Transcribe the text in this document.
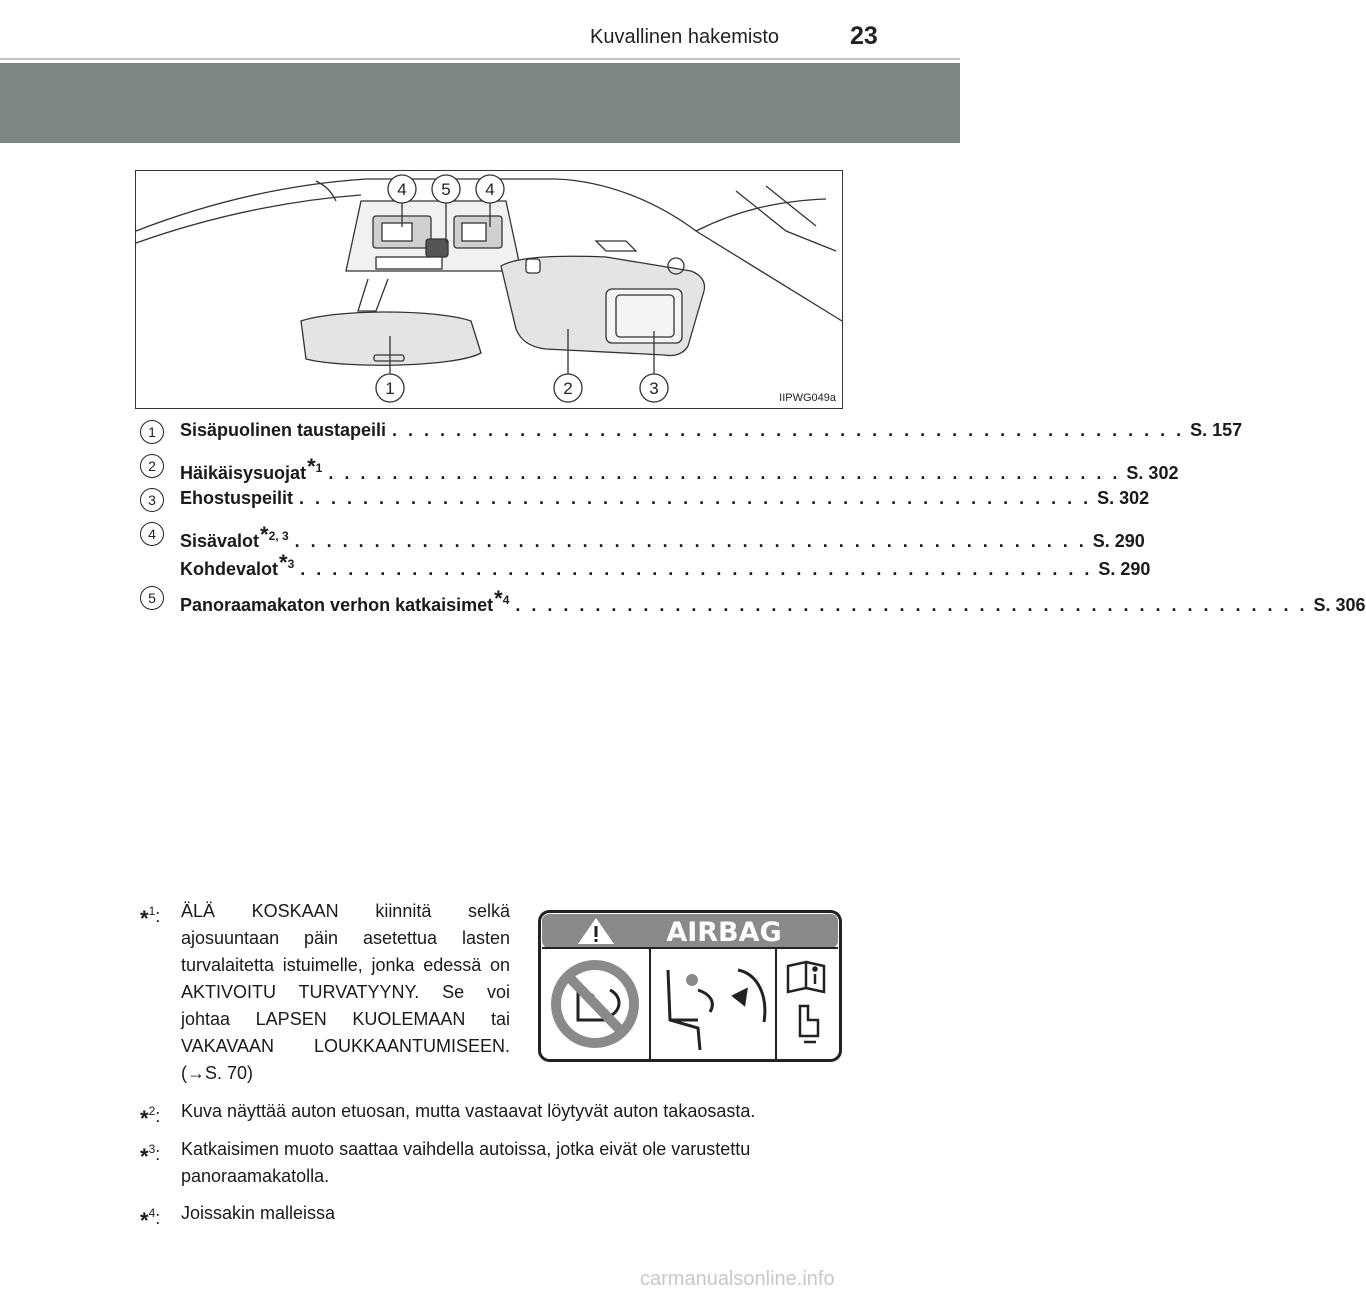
Kuvallinen hakemisto	23
4 5 4
1	2	3	IIPWG049a
1	Sisäpuolinen taustapeili . . . . . . . . . . . . . . . . . . . . . . . . . . . . . . . . . . . . . . . . . . . . . . . . . . S. 157
2	Häikäisysuojat$^{*1}$ . . . . . . . . . . . . . . . . . . . . . . . . . . . . . . . . . . . . . . . . . . . . . . . . . . S. 302
3	Ehostuspeilit . . . . . . . . . . . . . . . . . . . . . . . . . . . . . . . . . . . . . . . . . . . . . . . . . . S. 302
4	Sisävalot$^{*2, 3}$ . . . . . . . . . . . . . . . . . . . . . . . . . . . . . . . . . . . . . . . . . . . . . . . . . . S. 290
Kohdevalot$^{*3}$ . . . . . . . . . . . . . . . . . . . . . . . . . . . . . . . . . . . . . . . . . . . . . . . . . . S. 290
5	Panoraamakaton verhon katkaisimet$^{*4}$ . . . . . . . . . . . . . . . . . . . . . . . . . . . . . . . . . . . . . . . . . . . . . . . . . . S. 306
*$^1$: ÄLÄ KOSKAAN kiinnitä selkä ajosuuntaan päin asetettua lasten turvalaitetta istuimelle, jonka edessä on AKTIVOITU TURVATYYNY. Se voi johtaa LAPSEN KUOLEMAAN tai VAKAVAAN LOUKKAANTUMISEEN. (→S. 70)
AIRBAG
*$^2$: Kuva näyttää auton etuosan, mutta vastaavat löytyvät auton takaosasta.
*$^3$: Katkaisimen muoto saattaa vaihdella autoissa, jotka eivät ole varustettu panoraamakatolla.
*$^4$: Joissakin malleissa
carmanualsonline.info
